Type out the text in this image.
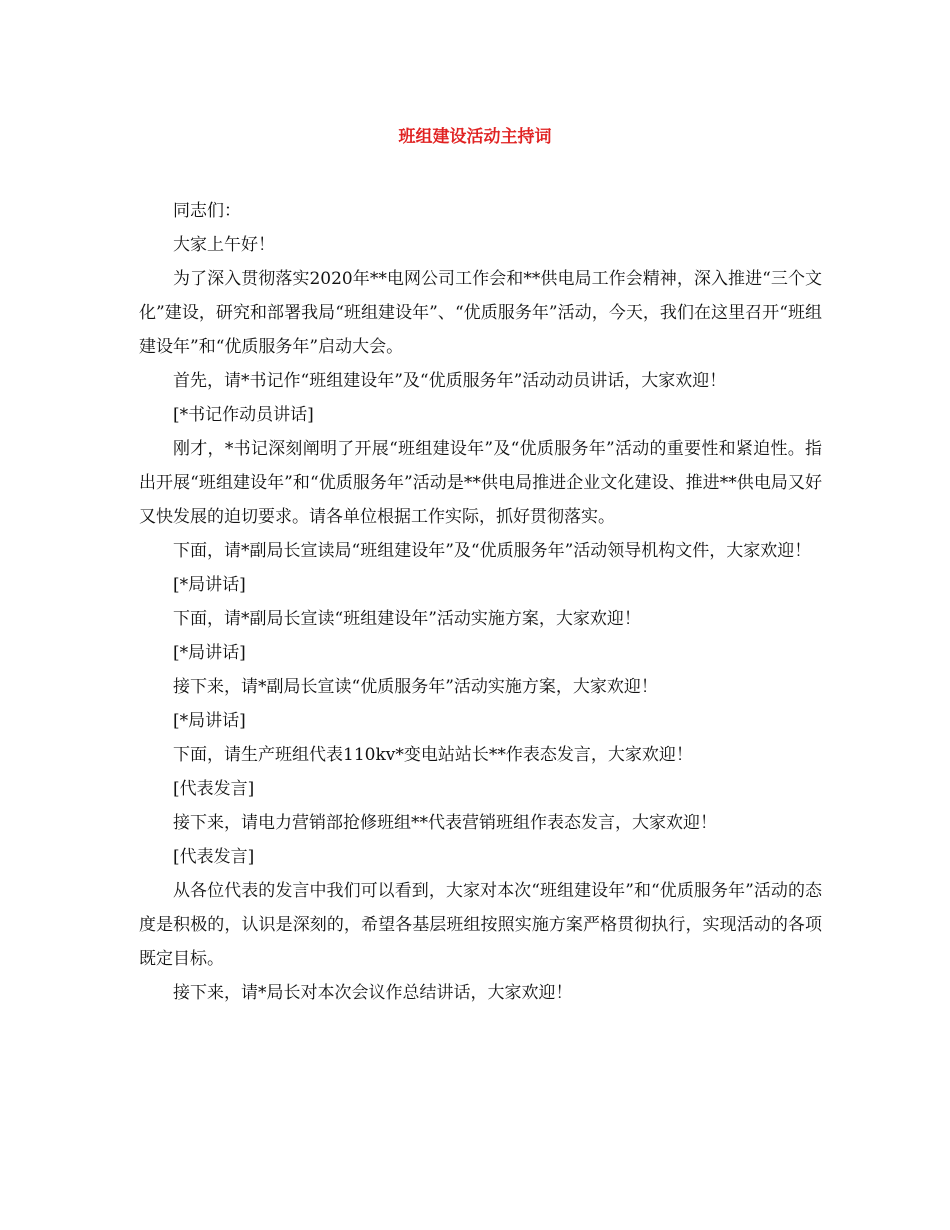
班组建设活动主持词

同志们：

大家上午好！

为了深入贯彻落实2020年**电网公司工作会和**供电局工作会精神，深入推进“三个文化”建设，研究和部署我局“班组建设年”、“优质服务年”活动，今天，我们在这里召开“班组建设年”和“优质服务年”启动大会。

首先，请*书记作“班组建设年”及“优质服务年”活动动员讲话，大家欢迎！

[*书记作动员讲话]

刚才，*书记深刻阐明了开展“班组建设年”及“优质服务年”活动的重要性和紧迫性。指出开展“班组建设年”和“优质服务年”活动是**供电局推进企业文化建设、推进**供电局又好又快发展的迫切要求。请各单位根据工作实际，抓好贯彻落实。

下面，请*副局长宣读局“班组建设年”及“优质服务年”活动领导机构文件，大家欢迎！

[*局讲话]

下面，请*副局长宣读“班组建设年”活动实施方案，大家欢迎！

[*局讲话]

接下来，请*副局长宣读“优质服务年”活动实施方案，大家欢迎！

[*局讲话]

下面，请生产班组代表110kv*变电站站长**作表态发言，大家欢迎！

[代表发言]

接下来，请电力营销部抢修班组**代表营销班组作表态发言，大家欢迎！

[代表发言]

从各位代表的发言中我们可以看到，大家对本次“班组建设年”和“优质服务年”活动的态度是积极的，认识是深刻的，希望各基层班组按照实施方案严格贯彻执行，实现活动的各项既定目标。

接下来，请*局长对本次会议作总结讲话，大家欢迎！
